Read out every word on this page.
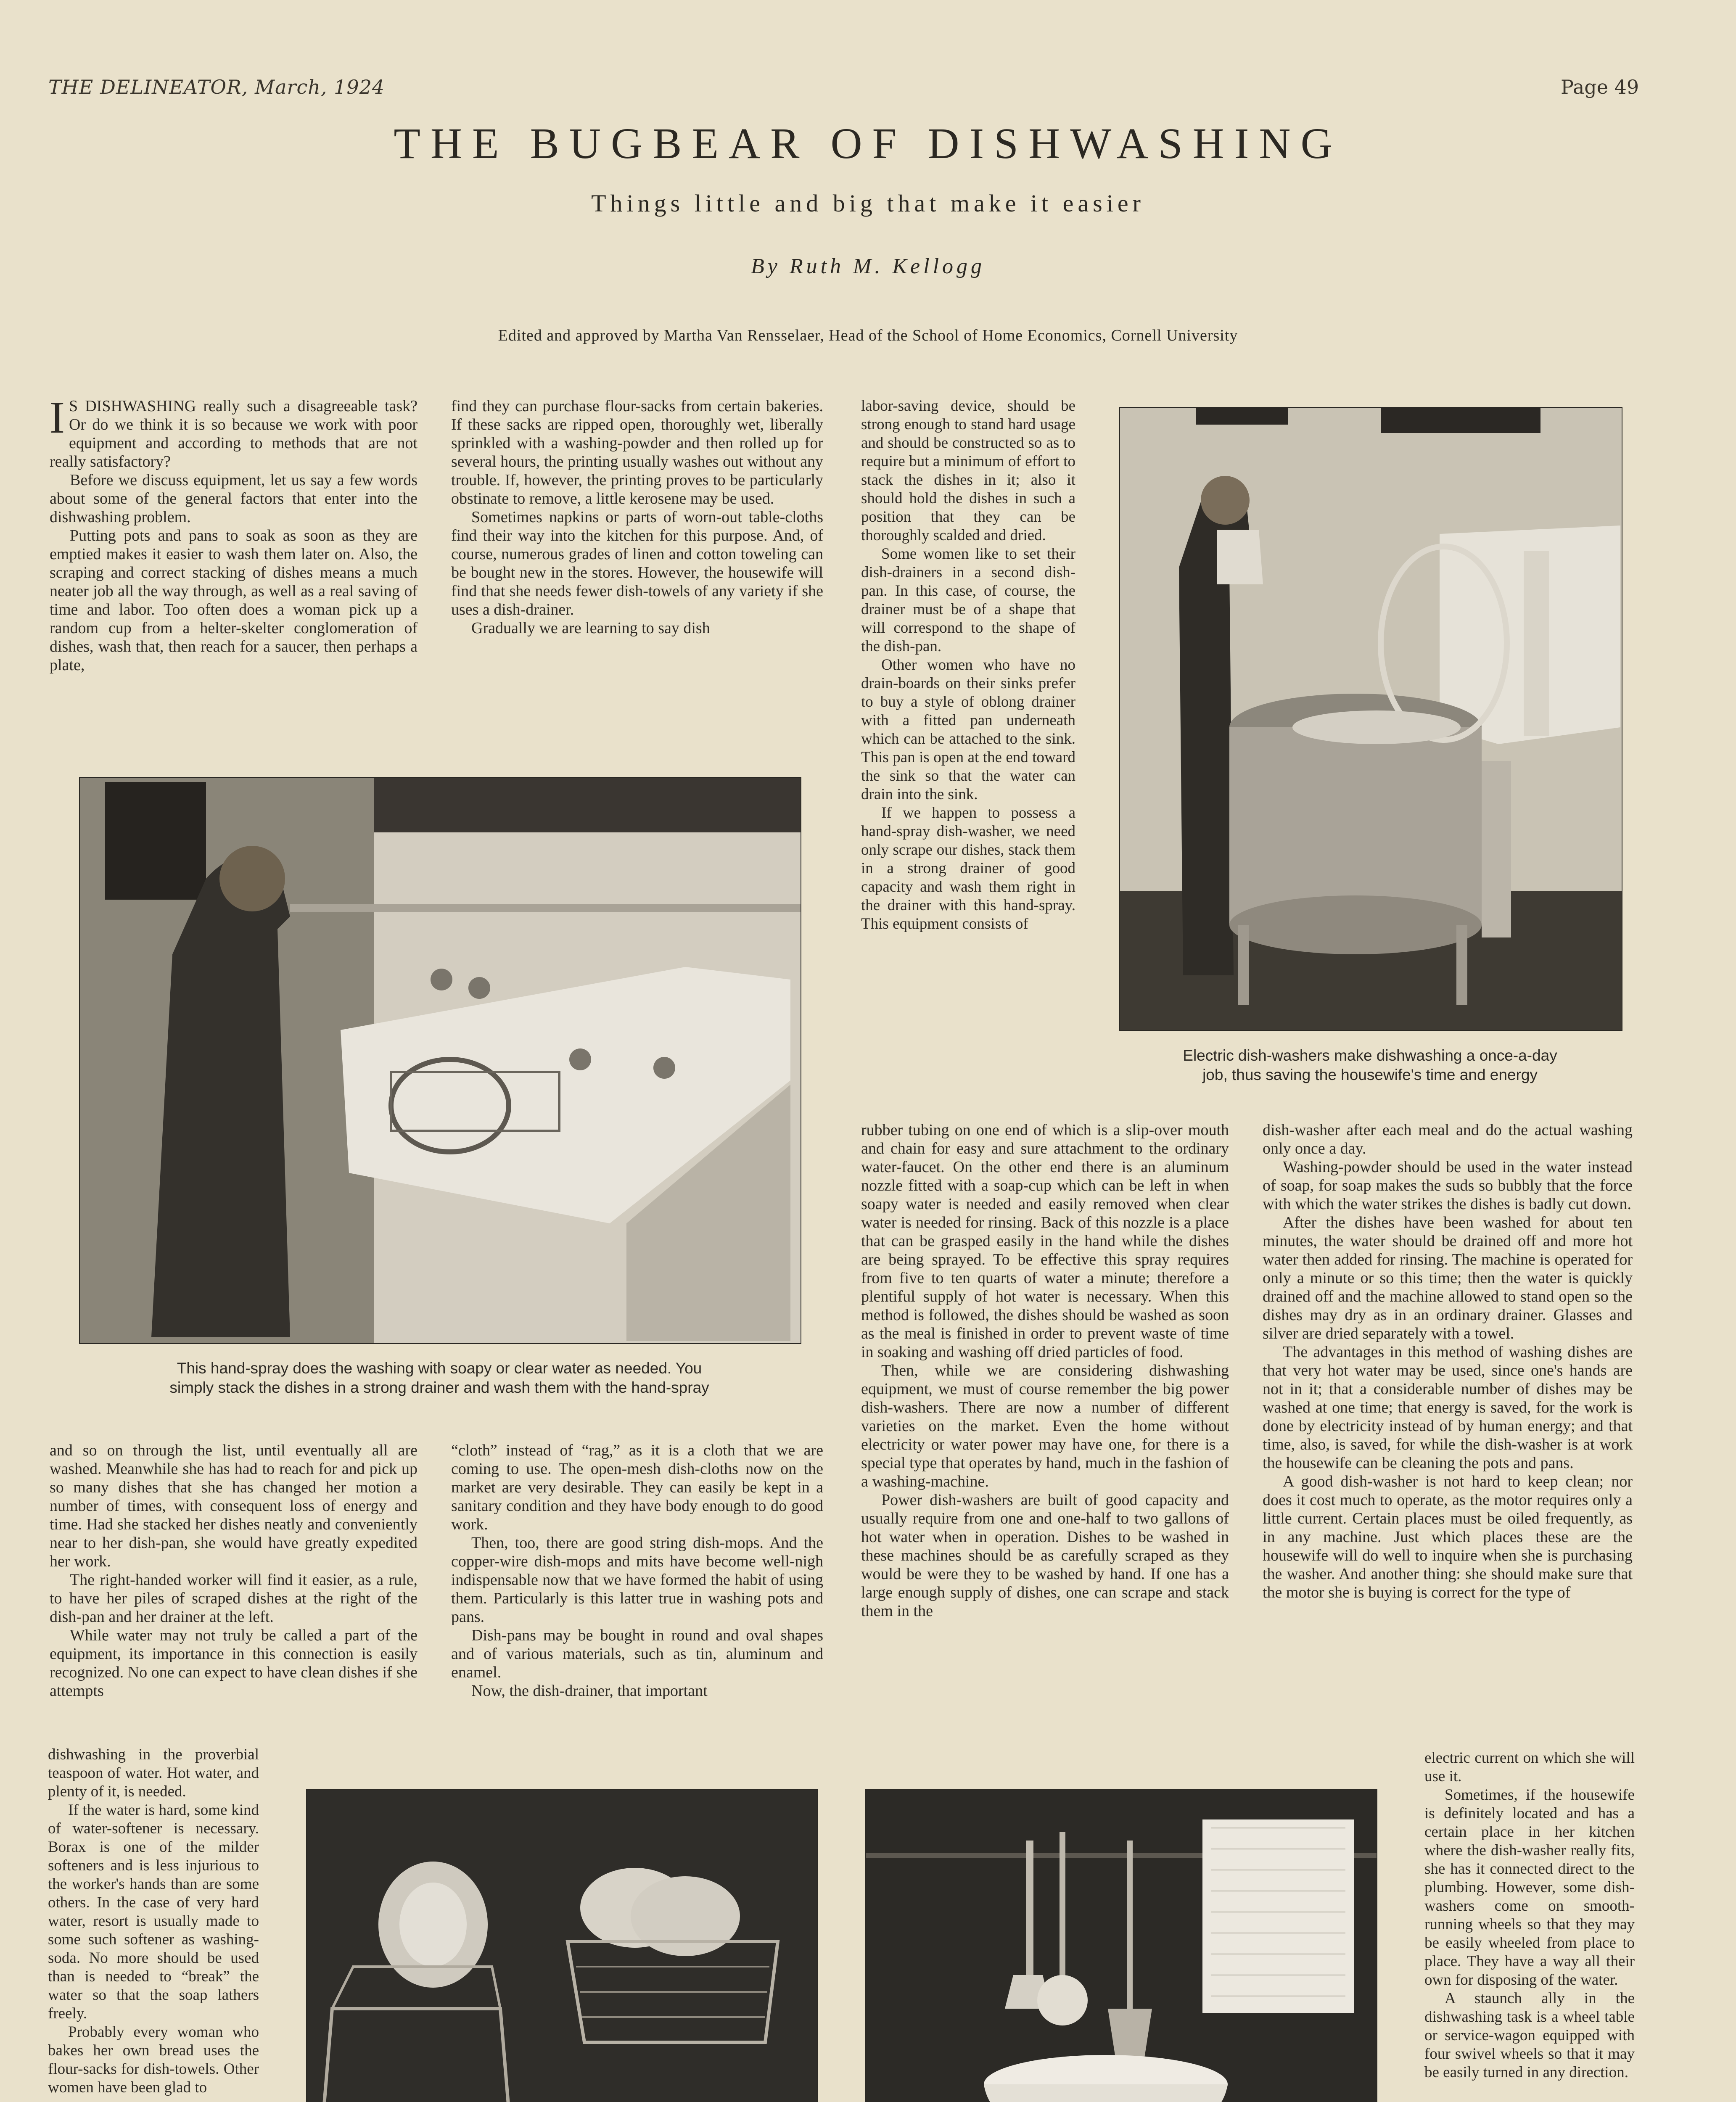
THE DELINEATOR, March, 1924	Page 49
THE BUGBEAR OF DISHWASHING
Things little and big that make it easier
By Ruth M. Kellogg
Edited and approved by Martha Van Rensselaer, Head of the School of Home Economics, Cornell University

I S DISHWASHING really such a disagreeable task? Or do we think it is so because we work with poor equipment and according to methods that are not really satisfactory?

Before we discuss equipment, let us say a few words about some of the general factors that enter into the dishwashing problem.

Putting pots and pans to soak as soon as they are emptied makes it easier to wash them later on. Also, the scraping and correct stacking of dishes means a much neater job all the way through, as well as a real saving of time and labor. Too often does a woman pick up a random cup from a helter-skelter conglomeration of dishes, wash that, then reach for a saucer, then perhaps a plate,

find they can purchase flour-sacks from certain bakeries. If these sacks are ripped open, thoroughly wet, liberally sprinkled with a washing-powder and then rolled up for several hours, the printing usually washes out without any trouble. If, however, the printing proves to be particularly obstinate to remove, a little kerosene may be used.

Sometimes napkins or parts of worn-out table-cloths find their way into the kitchen for this purpose. And, of course, numerous grades of linen and cotton toweling can be bought new in the stores. However, the housewife will find that she needs fewer dish-towels of any variety if she uses a dish-drainer.

Gradually we are learning to say dish

labor-saving device, should be strong enough to stand hard usage and should be constructed so as to require but a minimum of effort to stack the dishes in it; also it should hold the dishes in such a position that they can be thoroughly scalded and dried.

Some women like to set their dish-drainers in a second dish-pan. In this case, of course, the drainer must be of a shape that will correspond to the shape of the dish-pan.

Other women who have no drain-boards on their sinks prefer to buy a style of oblong drainer with a fitted pan underneath which can be attached to the sink. This pan is open at the end toward the sink so that the water can drain into the sink.

If we happen to possess a hand-spray dish-washer, we need only scrape our dishes, stack them in a strong drainer of good capacity and wash them right in the drainer with this hand-spray. This equipment consists of

Electric dish-washers make dishwashing a once-a-day
job, thus saving the housewife's time and energy
This hand-spray does the washing with soapy or clear water as needed. You
simply stack the dishes in a strong drainer and wash them with the hand-spray

rubber tubing on one end of which is a slip-over mouth and chain for easy and sure attachment to the ordinary water-faucet. On the other end there is an aluminum nozzle fitted with a soap-cup which can be left in when soapy water is needed and easily removed when clear water is needed for rinsing. Back of this nozzle is a place that can be grasped easily in the hand while the dishes are being sprayed. To be effective this spray requires from five to ten quarts of water a minute; therefore a plentiful supply of hot water is necessary. When this method is followed, the dishes should be washed as soon as the meal is finished in order to prevent waste of time in soaking and washing off dried particles of food.

Then, while we are considering dishwashing equipment, we must of course remember the big power dish-washers. There are now a number of different varieties on the market. Even the home without electricity or water power may have one, for there is a special type that operates by hand, much in the fashion of a washing-machine.

Power dish-washers are built of good capacity and usually require from one and one-half to two gallons of hot water when in operation. Dishes to be washed in these machines should be as carefully scraped as they would be were they to be washed by hand. If one has a large enough supply of dishes, one can scrape and stack them in the

dish-washer after each meal and do the actual washing only once a day.

Washing-powder should be used in the water instead of soap, for soap makes the suds so bubbly that the force with which the water strikes the dishes is badly cut down.

After the dishes have been washed for about ten minutes, the water should be drained off and more hot water then added for rinsing. The machine is operated for only a minute or so this time; then the water is quickly drained off and the machine allowed to stand open so the dishes may dry as in an ordinary drainer. Glasses and silver are dried separately with a towel.

The advantages in this method of washing dishes are that very hot water may be used, since one's hands are not in it; that a considerable number of dishes may be washed at one time; that energy is saved, for the work is done by electricity instead of by human energy; and that time, also, is saved, for while the dish-washer is at work the housewife can be cleaning the pots and pans.

A good dish-washer is not hard to keep clean; nor does it cost much to operate, as the motor requires only a little current. Certain places must be oiled frequently, as in any machine. Just which places these are the housewife will do well to inquire when she is purchasing the washer. And another thing: she should make sure that the motor she is buying is correct for the type of

and so on through the list, until eventually all are washed. Meanwhile she has had to reach for and pick up so many dishes that she has changed her motion a number of times, with consequent loss of energy and time. Had she stacked her dishes neatly and conveniently near to her dish-pan, she would have greatly expedited her work.

The right-handed worker will find it easier, as a rule, to have her piles of scraped dishes at the right of the dish-pan and her drainer at the left.

While water may not truly be called a part of the equipment, its importance in this connection is easily recognized. No one can expect to have clean dishes if she attempts

“cloth” instead of “rag,” as it is a cloth that we are coming to use. The open-mesh dish-cloths now on the market are very desirable. They can easily be kept in a sanitary condition and they have body enough to do good work.

Then, too, there are good string dish-mops. And the copper-wire dish-mops and mits have become well-nigh indispensable now that we have formed the habit of using them. Particularly is this latter true in washing pots and pans.

Dish-pans may be bought in round and oval shapes and of various materials, such as tin, aluminum and enamel.

Now, the dish-drainer, that important

dishwashing in the proverbial teaspoon of water. Hot water, and plenty of it, is needed.

If the water is hard, some kind of water-softener is necessary. Borax is one of the milder softeners and is less injurious to the worker's hands than are some others. In the case of very hard water, resort is usually made to some such softener as washing-soda. No more should be used than is needed to “break” the water so that the soap lathers freely.

Probably every woman who bakes her own bread uses the flour-sacks for dish-towels. Other women have been glad to

electric current on which she will use it.

Sometimes, if the housewife is definitely located and has a certain place in her kitchen where the dish-washer really fits, she has it connected direct to the plumbing. However, some dish-washers come on smooth-running wheels so that they may be easily wheeled from place to place. They have a way all their own for disposing of the water.

A staunch ally in the dishwashing task is a wheel table or service-wagon equipped with four swivel wheels so that it may be easily turned in any direction.
